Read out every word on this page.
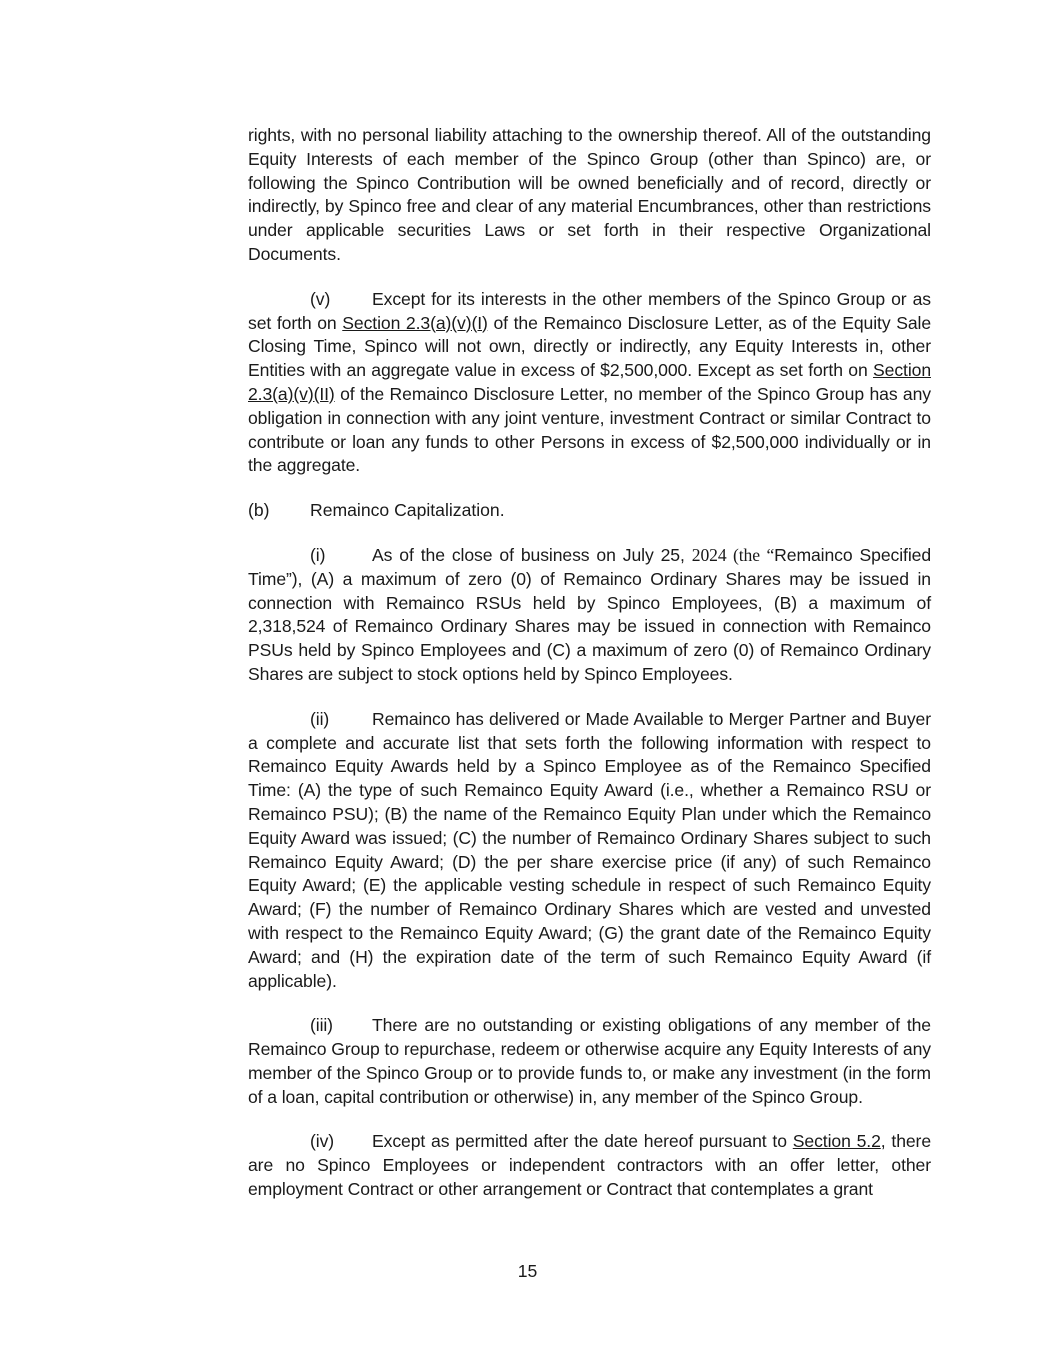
rights, with no personal liability attaching to the ownership thereof. All of the outstanding Equity Interests of each member of the Spinco Group (other than Spinco) are, or following the Spinco Contribution will be owned beneficially and of record, directly or indirectly, by Spinco free and clear of any material Encumbrances, other than restrictions under applicable securities Laws or set forth in their respective Organizational Documents.

(v) Except for its interests in the other members of the Spinco Group or as set forth on Section 2.3(a)(v)(I) of the Remainco Disclosure Letter, as of the Equity Sale Closing Time, Spinco will not own, directly or indirectly, any Equity Interests in, other Entities with an aggregate value in excess of $2,500,000. Except as set forth on Section 2.3(a)(v)(II) of the Remainco Disclosure Letter, no member of the Spinco Group has any obligation in connection with any joint venture, investment Contract or similar Contract to contribute or loan any funds to other Persons in excess of $2,500,000 individually or in the aggregate.

(b) Remainco Capitalization.

(i)	As of the close of business on July 25, 2024 (the “Remainco Specified Time”), (A) a maximum of zero (0) of Remainco Ordinary Shares may be issued in connection with Remainco RSUs held by Spinco Employees, (B) a maximum of 2,318,524 of Remainco Ordinary Shares may be issued in connection with Remainco PSUs held by Spinco Employees and (C) a maximum of zero (0) of Remainco Ordinary Shares are subject to stock options held by Spinco Employees.

(ii) Remainco has delivered or Made Available to Merger Partner and Buyer a complete and accurate list that sets forth the following information with respect to Remainco Equity Awards held by a Spinco Employee as of the Remainco Specified Time: (A) the type of such Remainco Equity Award (i.e., whether a Remainco RSU or Remainco PSU); (B) the name of the Remainco Equity Plan under which the Remainco Equity Award was issued; (C) the number of Remainco Ordinary Shares subject to such Remainco Equity Award; (D) the per share exercise price (if any) of such Remainco Equity Award; (E) the applicable vesting schedule in respect of such Remainco Equity Award; (F) the number of Remainco Ordinary Shares which are vested and unvested with respect to the Remainco Equity Award; (G) the grant date of the Remainco Equity Award; and (H) the expiration date of the term of such Remainco Equity Award (if applicable).

(iii) There are no outstanding or existing obligations of any member of the Remainco Group to repurchase, redeem or otherwise acquire any Equity Interests of any member of the Spinco Group or to provide funds to, or make any investment (in the form of a loan, capital contribution or otherwise) in, any member of the Spinco Group.

(iv) Except as permitted after the date hereof pursuant to Section 5.2, there are no Spinco Employees or independent contractors with an offer letter, other employment Contract or other arrangement or Contract that contemplates a grant

15
